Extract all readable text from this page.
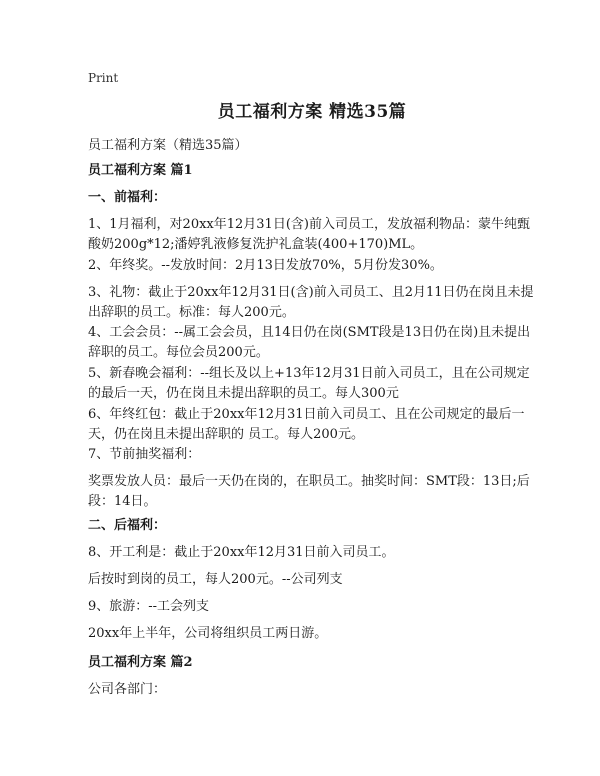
Print
员工福利方案 精选35篇
员工福利方案（精选35篇）

员工福利方案 篇1

一、前福利：

1、1月福利，对20xx年12月31日(含)前入司员工，发放福利物品：蒙牛纯甄酸奶200g*12;潘婷乳液修复洗护礼盒装(400+170)ML。

2、年终奖。--发放时间：2月13日发放70%，5月份发30%。

3、礼物：截止于20xx年12月31日(含)前入司员工、且2月11日仍在岗且未提出辞职的员工。标准：每人200元。

4、工会会员：--属工会会员，且14日仍在岗(SMT段是13日仍在岗)且未提出辞职的员工。每位会员200元。

5、新春晚会福利：--组长及以上+13年12月31日前入司员工，且在公司规定的最后一天，仍在岗且未提出辞职的员工。每人300元

6、年终红包：截止于20xx年12月31日前入司员工、且在公司规定的最后一天，仍在岗且未提出辞职的 员工。每人200元。

7、节前抽奖福利：

奖票发放人员：最后一天仍在岗的，在职员工。抽奖时间：SMT段：13日;后段：14日。

二、后福利：

8、开工利是：截止于20xx年12月31日前入司员工。

后按时到岗的员工，每人200元。--公司列支

9、旅游：--工会列支

20xx年上半年，公司将组织员工两日游。

员工福利方案 篇2

公司各部门：
